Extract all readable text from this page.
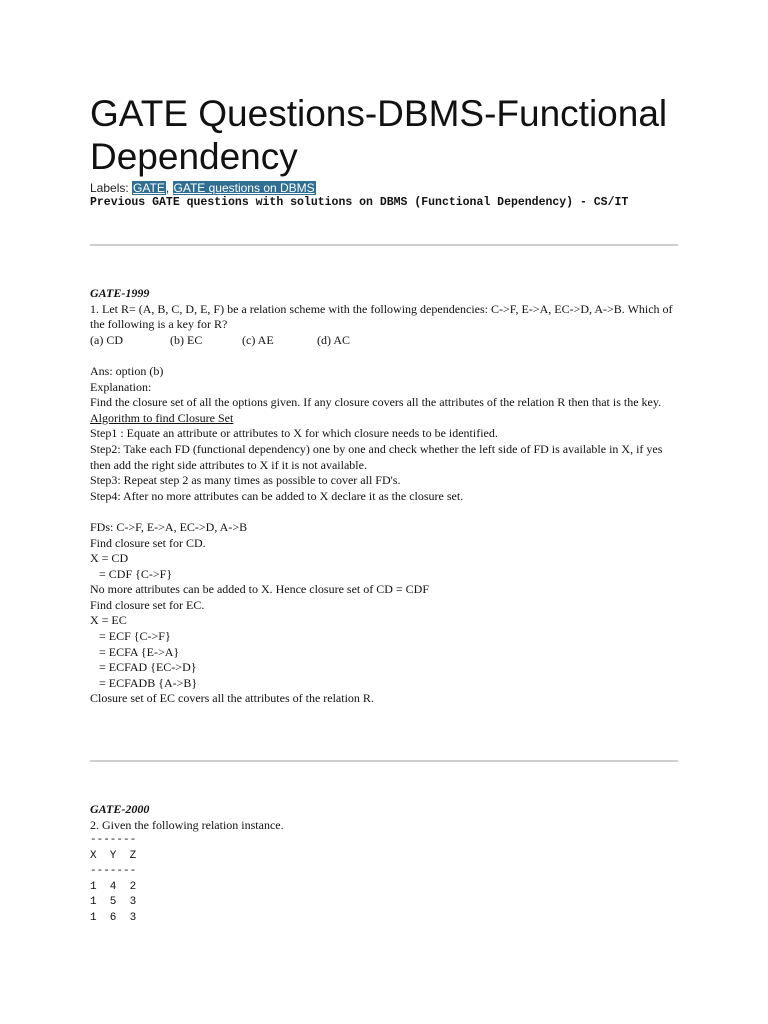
GATE Questions-DBMS-Functional Dependency
Labels: GATE, GATE questions on DBMS
Previous GATE questions with solutions on DBMS (Functional Dependency) - CS/IT

GATE-1999

1. Let R= (A, B, C, D, E, F) be a relation scheme with the following dependencies: C->F, E->A, EC->D, A->B. Which of the following is a key for R?

(a) CD	(b) EC	(c) AE	(d) AC

Ans: option (b)

Explanation:

Find the closure set of all the options given. If any closure covers all the attributes of the relation R then that is the key.

Algorithm to find Closure Set

Step1 : Equate an attribute or attributes to X for which closure needs to be identified.

Step2: Take each FD (functional dependency) one by one and check whether the left side of FD is available in X, if yes then add the right side attributes to X if it is not available.

Step3: Repeat step 2 as many times as possible to cover all FD's.

Step4: After no more attributes can be added to X declare it as the closure set.

FDs: C->F, E->A, EC->D, A->B

Find closure set for CD.

X = CD

= CDF {C->F}

No more attributes can be added to X. Hence closure set of CD = CDF

Find closure set for EC.

X = EC

= ECF {C->F}

= ECFA {E->A}

= ECFAD {EC->D}

= ECFADB {A->B}

Closure set of EC covers all the attributes of the relation R.

GATE-2000

2. Given the following relation instance.

-------
X  Y  Z
-------
1  4  2
1  5  3
1  6  3
